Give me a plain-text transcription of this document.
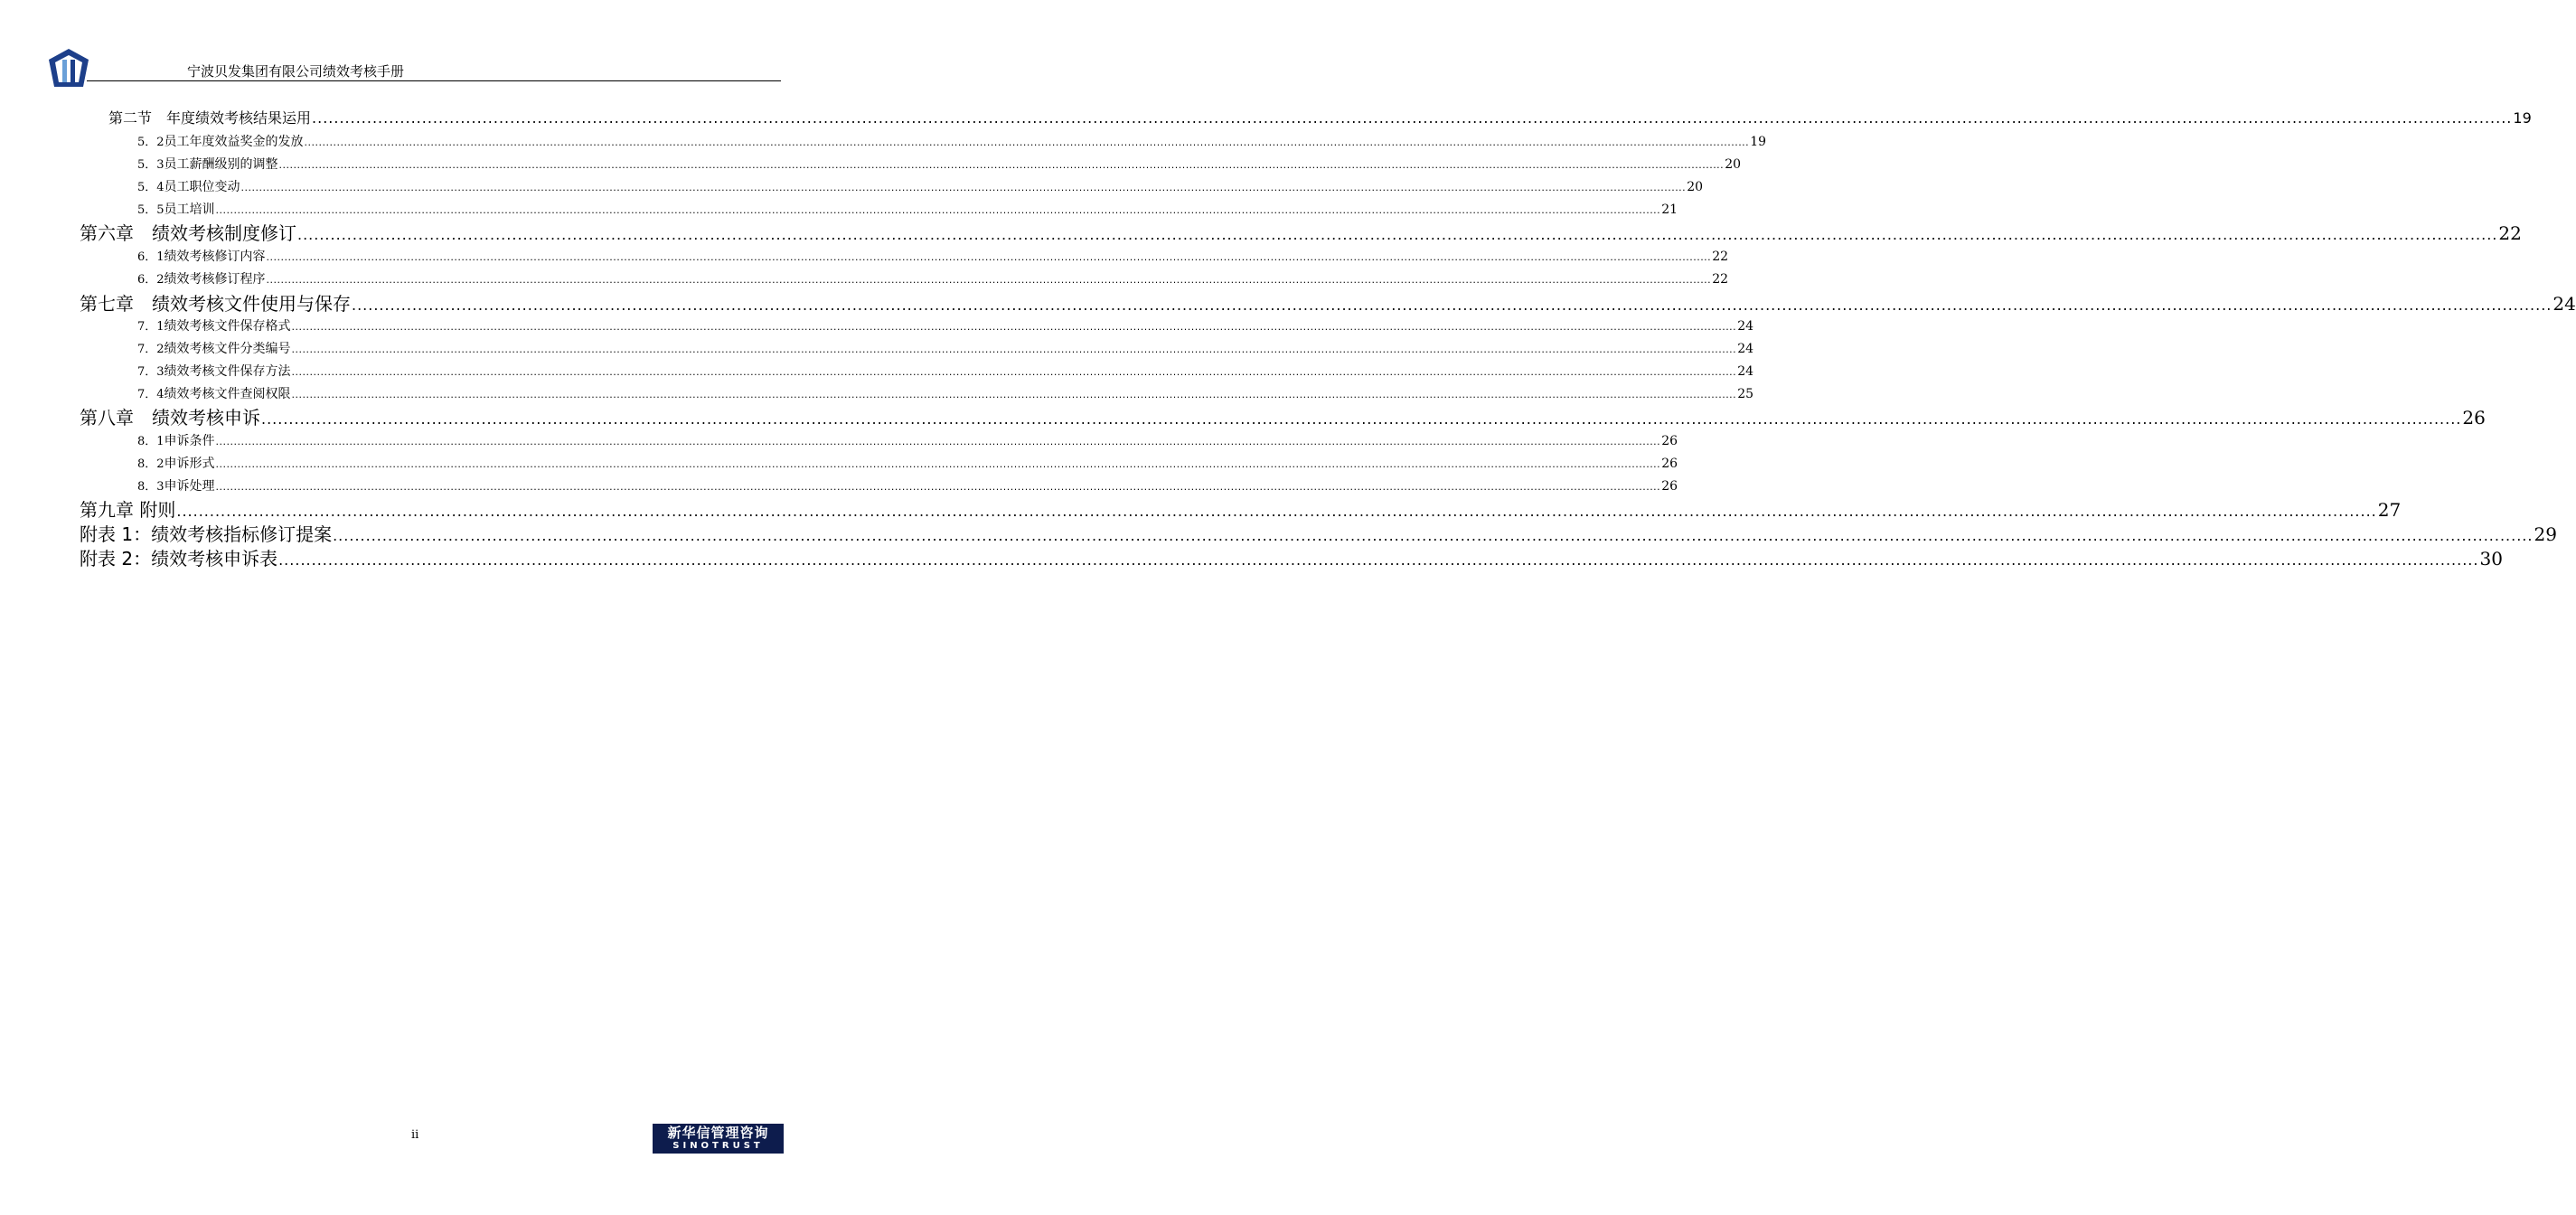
宁波贝发集团有限公司绩效考核手册
第二节　年度绩效考核结果运用 ................................................................................................................................................................................................................................................................................................................................................................................................................ 19
5．2员工年度效益奖金的发放 ................................................................................................................................................................................................................................................................................................................................................................................................................ 19
5．3员工薪酬级别的调整 ................................................................................................................................................................................................................................................................................................................................................................................................................ 20
5．4员工职位变动 ................................................................................................................................................................................................................................................................................................................................................................................................................ 20
5．5员工培训 ................................................................................................................................................................................................................................................................................................................................................................................................................ 21
第六章　绩效考核制度修订 ................................................................................................................................................................................................................................................................................................................................................................................................................ 22
6．1绩效考核修订内容 ................................................................................................................................................................................................................................................................................................................................................................................................................ 22
6．2绩效考核修订程序 ................................................................................................................................................................................................................................................................................................................................................................................................................ 22
第七章　绩效考核文件使用与保存 ................................................................................................................................................................................................................................................................................................................................................................................................................ 24
7．1绩效考核文件保存格式 ................................................................................................................................................................................................................................................................................................................................................................................................................ 24
7．2绩效考核文件分类编号 ................................................................................................................................................................................................................................................................................................................................................................................................................ 24
7．3绩效考核文件保存方法 ................................................................................................................................................................................................................................................................................................................................................................................................................ 24
7．4绩效考核文件查阅权限 ................................................................................................................................................................................................................................................................................................................................................................................................................ 25
第八章　绩效考核申诉 ................................................................................................................................................................................................................................................................................................................................................................................................................ 26
8．1申诉条件 ................................................................................................................................................................................................................................................................................................................................................................................................................ 26
8．2申诉形式 ................................................................................................................................................................................................................................................................................................................................................................................................................ 26
8．3申诉处理 ................................................................................................................................................................................................................................................................................................................................................................................................................ 26
第九章 附则 ................................................................................................................................................................................................................................................................................................................................................................................................................ 27
附表 1：绩效考核指标修订提案 ................................................................................................................................................................................................................................................................................................................................................................................................................ 29
附表 2：绩效考核申诉表 ................................................................................................................................................................................................................................................................................................................................................................................................................ 30
ii	新华信管理咨询
SINOTRUST
